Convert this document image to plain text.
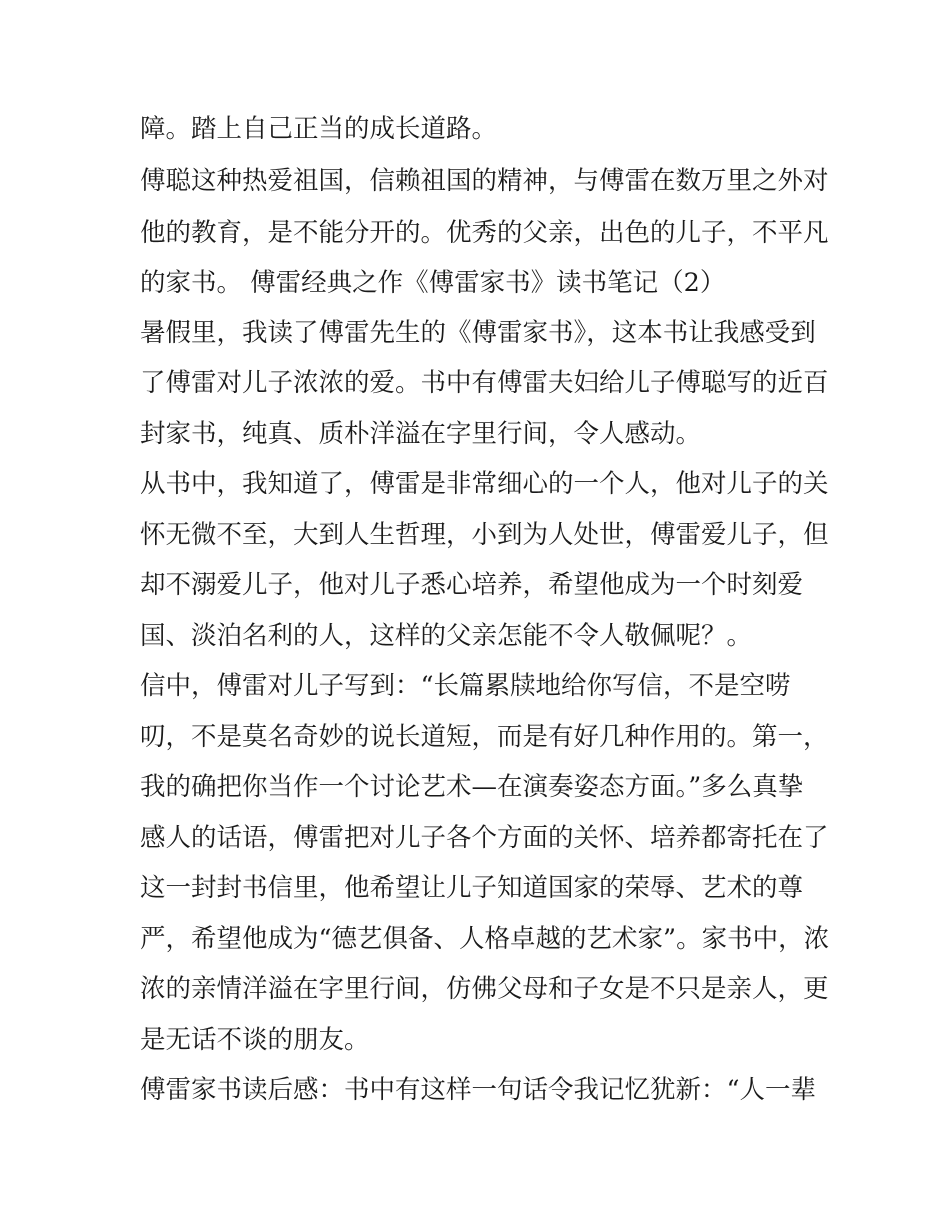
障。踏上自己正当的成长道路。
傅聪这种热爱祖国，信赖祖国的精神，与傅雷在数万里之外对
他的教育，是不能分开的。优秀的父亲，出色的儿子，不平凡
的家书。 傅雷经典之作《傅雷家书》读书笔记（2）
暑假里，我读了傅雷先生的《傅雷家书》，这本书让我感受到
了傅雷对儿子浓浓的爱。书中有傅雷夫妇给儿子傅聪写的近百
封家书，纯真、质朴洋溢在字里行间，令人感动。
从书中，我知道了，傅雷是非常细心的一个人，他对儿子的关
怀无微不至，大到人生哲理，小到为人处世，傅雷爱儿子，但
却不溺爱儿子，他对儿子悉心培养，希望他成为一个时刻爱
国、淡泊名利的人，这样的父亲怎能不令人敬佩呢？。
信中，傅雷对儿子写到：“长篇累牍地给你写信，不是空唠
叨，不是莫名奇妙的说长道短，而是有好几种作用的。第一，
我的确把你当作一个讨论艺术—在演奏姿态方面。”多么真挚
感人的话语，傅雷把对儿子各个方面的关怀、培养都寄托在了
这一封封书信里，他希望让儿子知道国家的荣辱、艺术的尊
严，希望他成为“德艺俱备、人格卓越的艺术家”。家书中，浓
浓的亲情洋溢在字里行间，仿佛父母和子女是不只是亲人，更
是无话不谈的朋友。
傅雷家书读后感：书中有这样一句话令我记忆犹新：“人一辈
